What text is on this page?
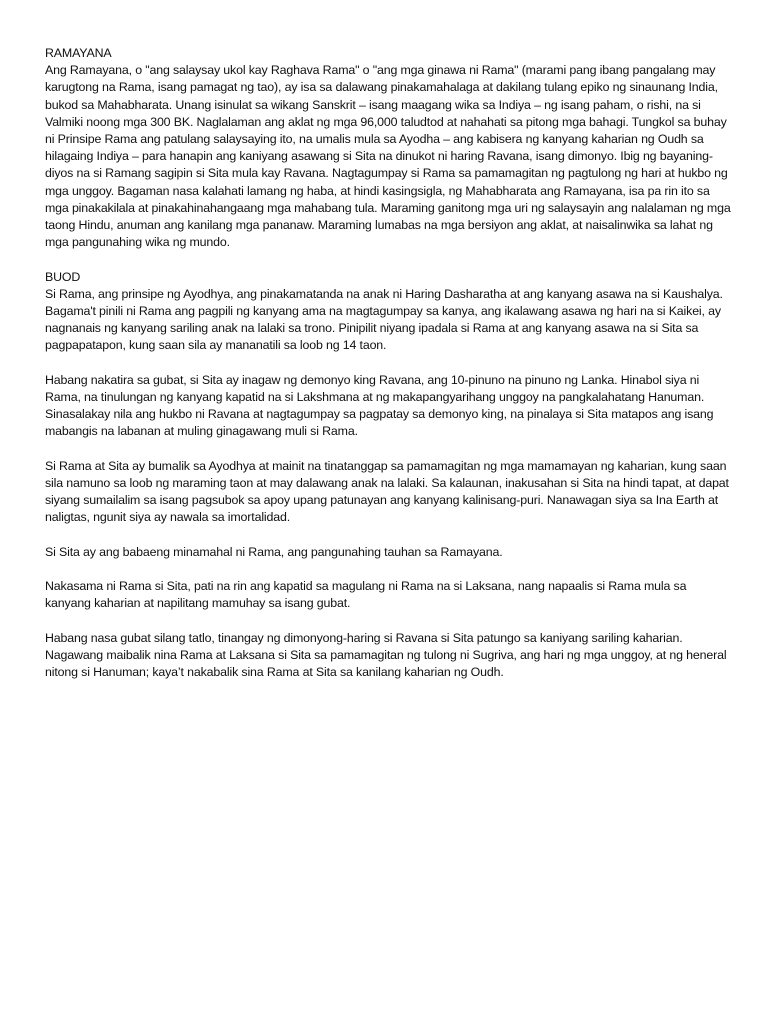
RAMAYANA

Ang Ramayana, o "ang salaysay ukol kay Raghava Rama" o "ang mga ginawa ni Rama" (marami pang ibang pangalang may karugtong na Rama, isang pamagat ng tao), ay isa sa dalawang pinakamahalaga at dakilang tulang epiko ng sinaunang India, bukod sa Mahabharata. Unang isinulat sa wikang Sanskrit – isang maagang wika sa Indiya – ng isang paham, o rishi, na si Valmiki noong mga 300 BK. Naglalaman ang aklat ng mga 96,000 taludtod at nahahati sa pitong mga bahagi. Tungkol sa buhay ni Prinsipe Rama ang patulang salaysaying ito, na umalis mula sa Ayodha – ang kabisera ng kanyang kaharian ng Oudh sa hilagaing Indiya – para hanapin ang kaniyang asawang si Sita na dinukot ni haring Ravana, isang dimonyo. Ibig ng bayaning-diyos na si Ramang sagipin si Sita mula kay Ravana. Nagtagumpay si Rama sa pamamagitan ng pagtulong ng hari at hukbo ng mga unggoy. Bagaman nasa kalahati lamang ng haba, at hindi kasingsigla, ng Mahabharata ang Ramayana, isa pa rin ito sa mga pinakakilala at pinakahinahangaang mga mahabang tula. Maraming ganitong mga uri ng salaysayin ang nalalaman ng mga taong Hindu, anuman ang kanilang mga pananaw. Maraming lumabas na mga bersiyon ang aklat, at naisalinwika sa lahat ng mga pangunahing wika ng mundo.

BUOD

Si Rama, ang prinsipe ng Ayodhya, ang pinakamatanda na anak ni Haring Dasharatha at ang kanyang asawa na si Kaushalya. Bagama't pinili ni Rama ang pagpili ng kanyang ama na magtagumpay sa kanya, ang ikalawang asawa ng hari na si Kaikei, ay nagnanais ng kanyang sariling anak na lalaki sa trono. Pinipilit niyang ipadala si Rama at ang kanyang asawa na si Sita sa pagpapatapon, kung saan sila ay mananatili sa loob ng 14 taon.

Habang nakatira sa gubat, si Sita ay inagaw ng demonyo king Ravana, ang 10-pinuno na pinuno ng Lanka. Hinabol siya ni Rama, na tinulungan ng kanyang kapatid na si Lakshmana at ng makapangyarihang unggoy na pangkalahatang Hanuman. Sinasalakay nila ang hukbo ni Ravana at nagtagumpay sa pagpatay sa demonyo king, na pinalaya si Sita matapos ang isang mabangis na labanan at muling ginagawang muli si Rama.

Si Rama at Sita ay bumalik sa Ayodhya at mainit na tinatanggap sa pamamagitan ng mga mamamayan ng kaharian, kung saan sila namuno sa loob ng maraming taon at may dalawang anak na lalaki. Sa kalaunan, inakusahan si Sita na hindi tapat, at dapat siyang sumailalim sa isang pagsubok sa apoy upang patunayan ang kanyang kalinisang-puri. Nanawagan siya sa Ina Earth at naligtas, ngunit siya ay nawala sa imortalidad.

Si Sita ay ang babaeng minamahal ni Rama, ang pangunahing tauhan sa Ramayana.

Nakasama ni Rama si Sita, pati na rin ang kapatid sa magulang ni Rama na si Laksana, nang napaalis si Rama mula sa kanyang kaharian at napilitang mamuhay sa isang gubat.

Habang nasa gubat silang tatlo, tinangay ng dimonyong-haring si Ravana si Sita patungo sa kaniyang sariling kaharian. Nagawang maibalik nina Rama at Laksana si Sita sa pamamagitan ng tulong ni Sugriva, ang hari ng mga unggoy, at ng heneral nitong si Hanuman; kaya’t nakabalik sina Rama at Sita sa kanilang kaharian ng Oudh.
